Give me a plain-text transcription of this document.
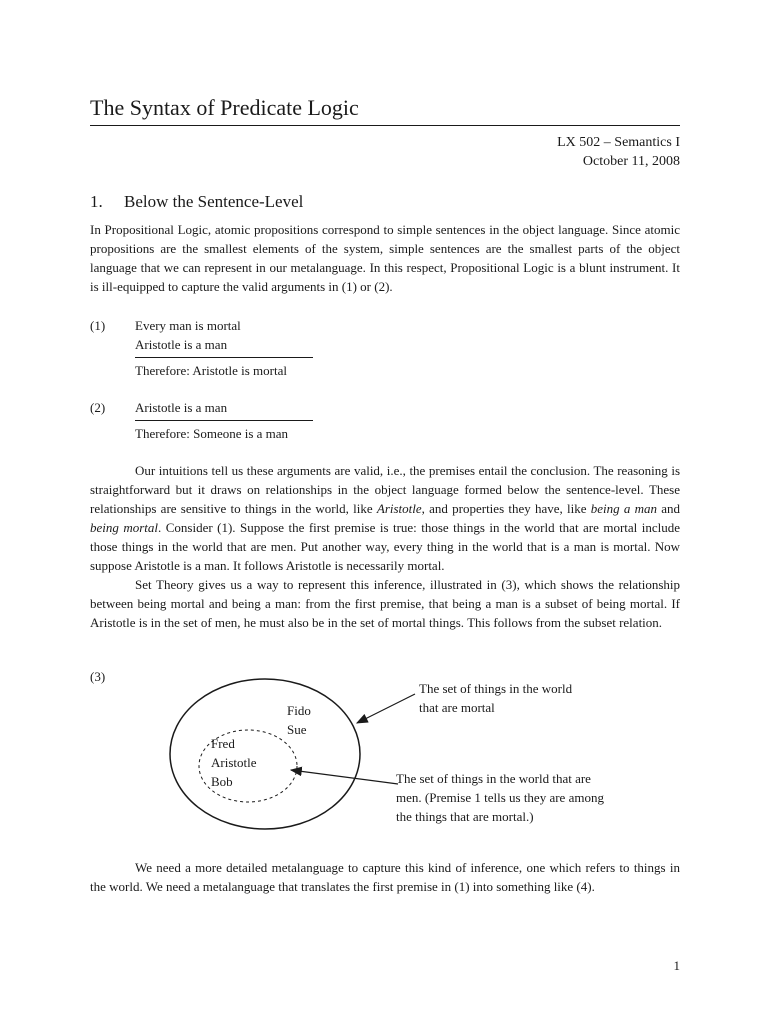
The Syntax of Predicate Logic
LX 502 – Semantics I
October 11, 2008
1. Below the Sentence-Level

In Propositional Logic, atomic propositions correspond to simple sentences in the object language. Since atomic propositions are the smallest elements of the system, simple sentences are the smallest parts of the object language that we can represent in our metalanguage. In this respect, Propositional Logic is a blunt instrument. It is ill-equipped to capture the valid arguments in (1) or (2).

(1) Every man is mortal
Aristotle is a man
Therefore: Aristotle is mortal
(2) Aristotle is a man
Therefore: Someone is a man

Our intuitions tell us these arguments are valid, i.e., the premises entail the conclusion. The reasoning is straightforward but it draws on relationships in the object language formed below the sentence-level. These relationships are sensitive to things in the world, like Aristotle, and properties they have, like being a man and being mortal. Consider (1). Suppose the first premise is true: those things in the world that are mortal include those things in the world that are men. Put another way, every thing in the world that is a man is mortal. Now suppose Aristotle is a man. It follows Aristotle is necessarily mortal.

Set Theory gives us a way to represent this inference, illustrated in (3), which shows the relationship between being mortal and being a man: from the first premise, that being a man is a subset of being mortal. If Aristotle is in the set of men, he must also be in the set of mortal things. This follows from the subset relation.

(3)
Fido
Sue
Fred
Aristotle
Bob
The set of things in the world
that are mortal
The set of things in the world that are
men. (Premise 1 tells us they are among
the things that are mortal.)

We need a more detailed metalanguage to capture this kind of inference, one which refers to things in the world. We need a metalanguage that translates the first premise in (1) into something like (4).

1
